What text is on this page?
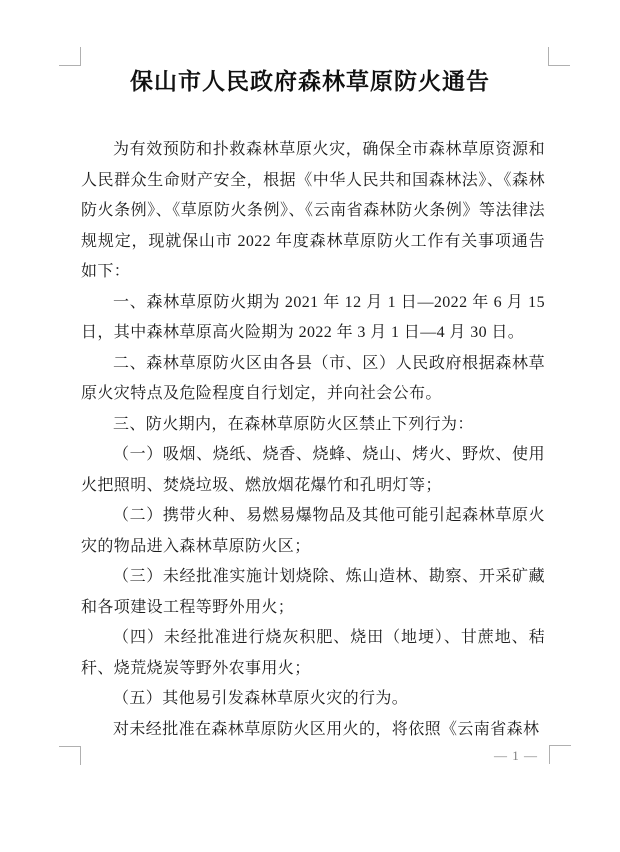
保山市人民政府森林草原防火通告

为有效预防和扑救森林草原火灾，确保全市森林草原资源和人民群众生命财产安全，根据《中华人民共和国森林法》、《森林防火条例》、《草原防火条例》、《云南省森林防火条例》等法律法规规定，现就保山市 2022 年度森林草原防火工作有关事项通告如下：

一、森林草原防火期为 2021 年 12 月 1 日—2022 年 6 月 15 日，其中森林草原高火险期为 2022 年 3 月 1 日—4 月 30 日。

二、森林草原防火区由各县（市、区）人民政府根据森林草原火灾特点及危险程度自行划定，并向社会公布。

三、防火期内，在森林草原防火区禁止下列行为：

（一）吸烟、烧纸、烧香、烧蜂、烧山、烤火、野炊、使用火把照明、焚烧垃圾、燃放烟花爆竹和孔明灯等；

（二）携带火种、易燃易爆物品及其他可能引起森林草原火灾的物品进入森林草原防火区；

（三）未经批准实施计划烧除、炼山造林、勘察、开采矿藏和各项建设工程等野外用火；

（四）未经批准进行烧灰积肥、烧田（地埂）、甘蔗地、秸秆、烧荒烧炭等野外农事用火；

（五）其他易引发森林草原火灾的行为。

对未经批准在森林草原防火区用火的，将依照《云南省森林

— 1 —
